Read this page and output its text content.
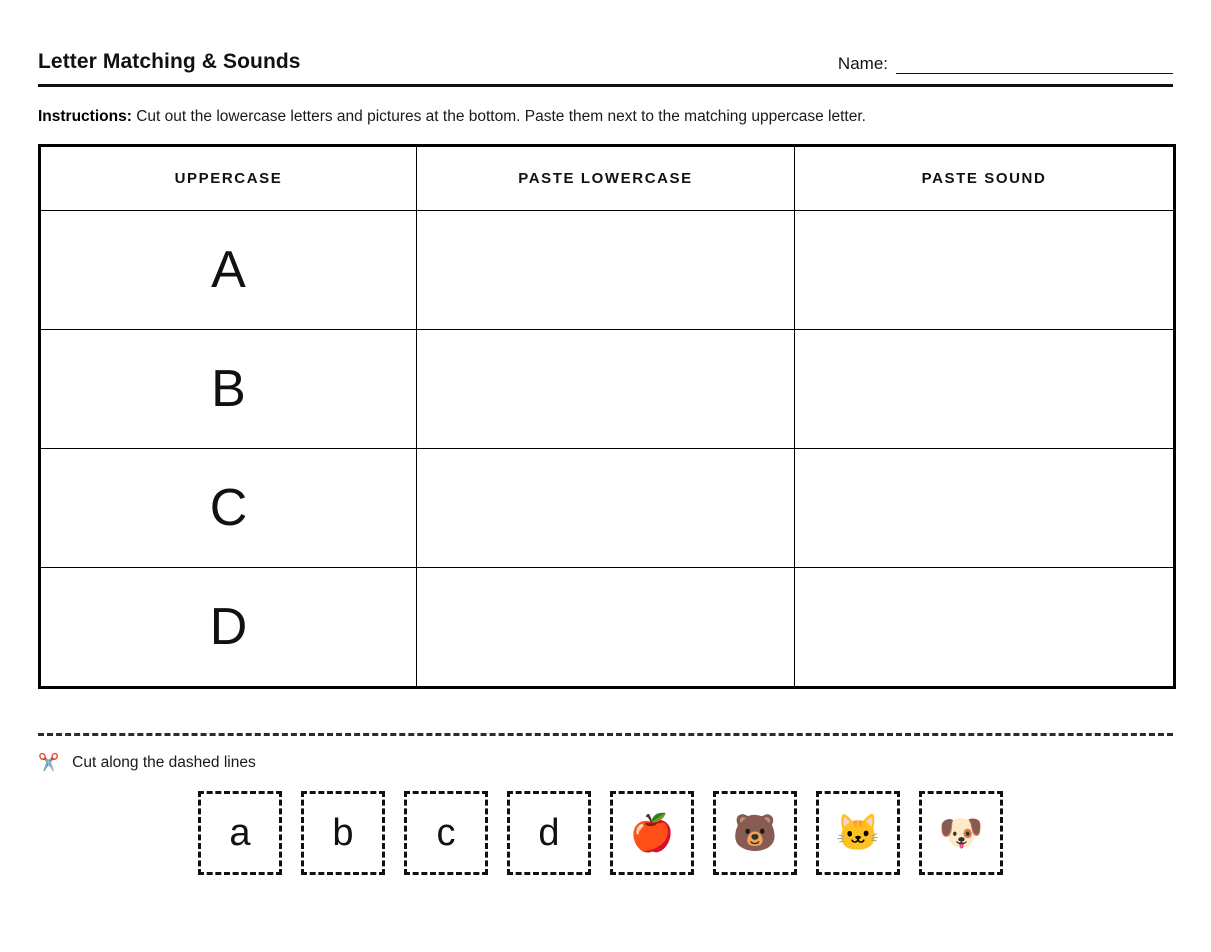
Letter Matching & Sounds	Name:
Instructions: Cut out the lowercase letters and pictures at the bottom. Paste them next to the matching uppercase letter.
UPPERCASE	PASTE LOWERCASE	PASTE SOUND
A		
B		
C		
D		
✂️ Cut along the dashed lines
a	b	c	d	🍎	🐻	🐱	🐶
